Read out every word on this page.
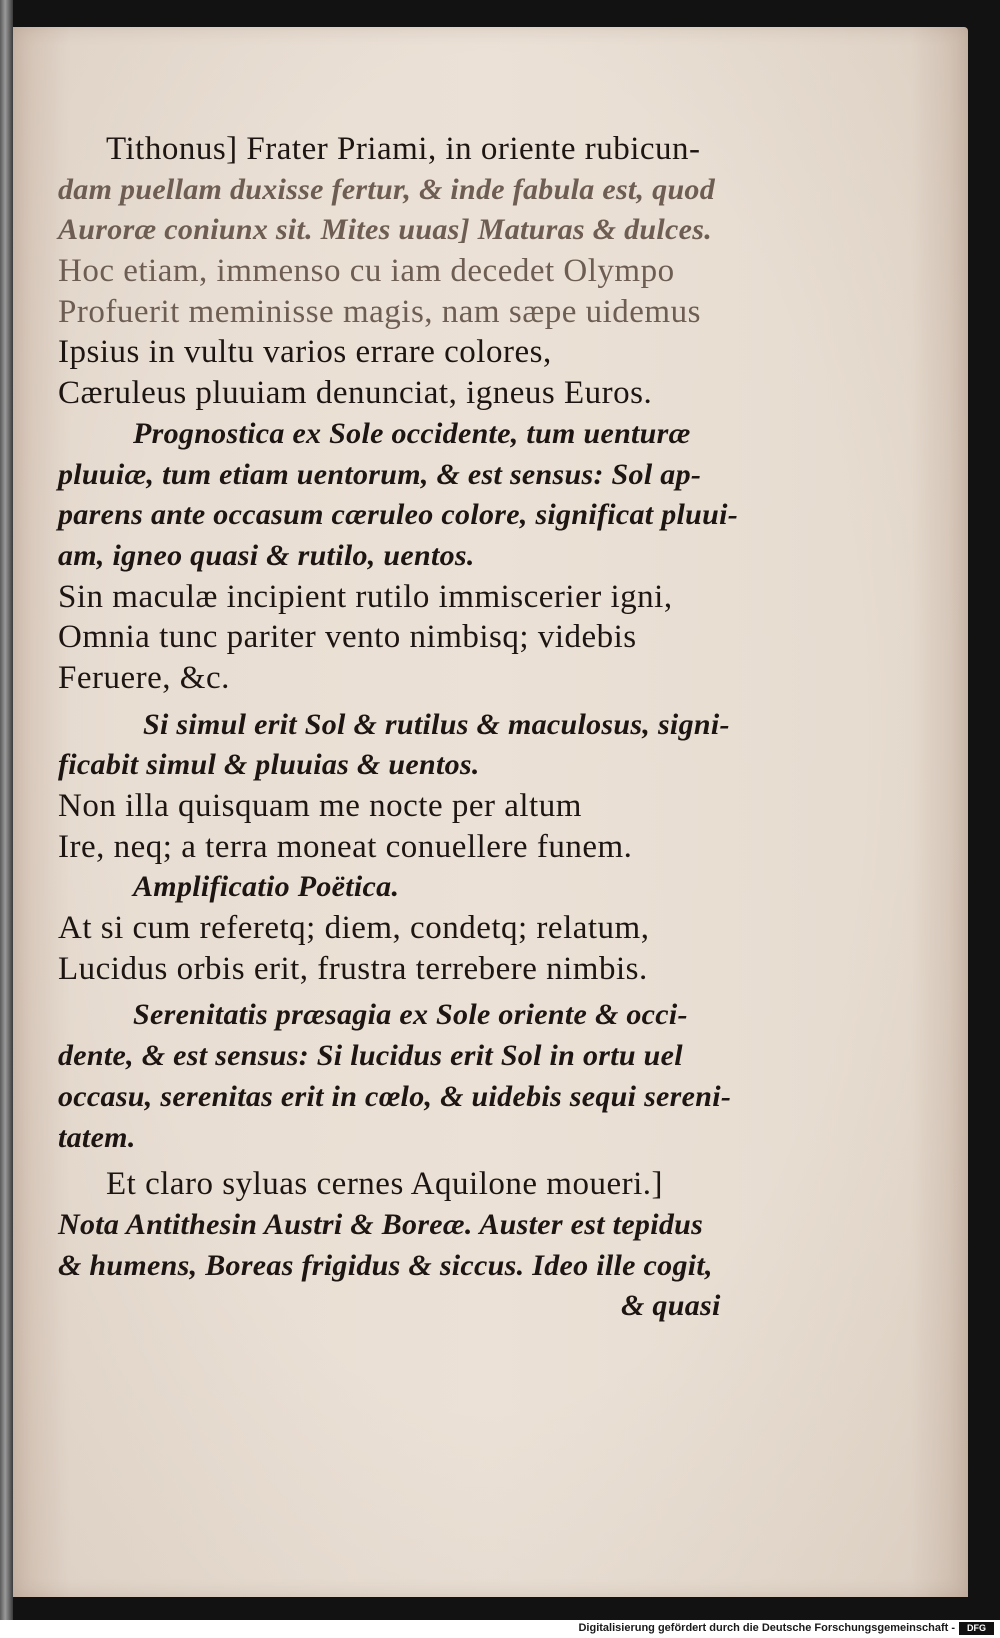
Tithonus] Frater Priami, in oriente rubicun-
dam puellam duxisse fertur, & inde fabula est, quod
Auroræ coniunx sit. Mites uuas] Maturas & dulces.
Hoc etiam, immenso cu iam decedet Olympo
Profuerit meminisse magis, nam sæpe uidemus
Ipsius in vultu varios errare colores,
Cæruleus pluuiam denunciat, igneus Euros.
Prognostica ex Sole occidente, tum uenturæ
pluuiæ, tum etiam uentorum, & est sensus: Sol ap-
parens ante occasum cæruleo colore, significat pluui-
am, igneo quasi & rutilo, uentos.
Sin maculæ incipient rutilo immiscerier igni,
Omnia tunc pariter vento nimbisq; videbis
Feruere, &c.
Si simul erit Sol & rutilus & maculosus, signi-
ficabit simul & pluuias & uentos.
Non illa quisquam me nocte per altum
Ire, neq; a terra moneat conuellere funem.
Amplificatio Poëtica.
At si cum referetq; diem, condetq; relatum,
Lucidus orbis erit, frustra terrebere nimbis.
Serenitatis præsagia ex Sole oriente & occi-
dente, & est sensus: Si lucidus erit Sol in ortu uel
occasu, serenitas erit in cœlo, & uidebis sequi sereni-
tatem.
Et claro syluas cernes Aquilone moueri.]
Nota Antithesin Austri & Boreæ. Auster est tepidus
& humens, Boreas frigidus & siccus. Ideo ille cogit,
& quasi
Digitalisierung gefördert durch die Deutsche Forschungsgemeinschaft -	DFG
